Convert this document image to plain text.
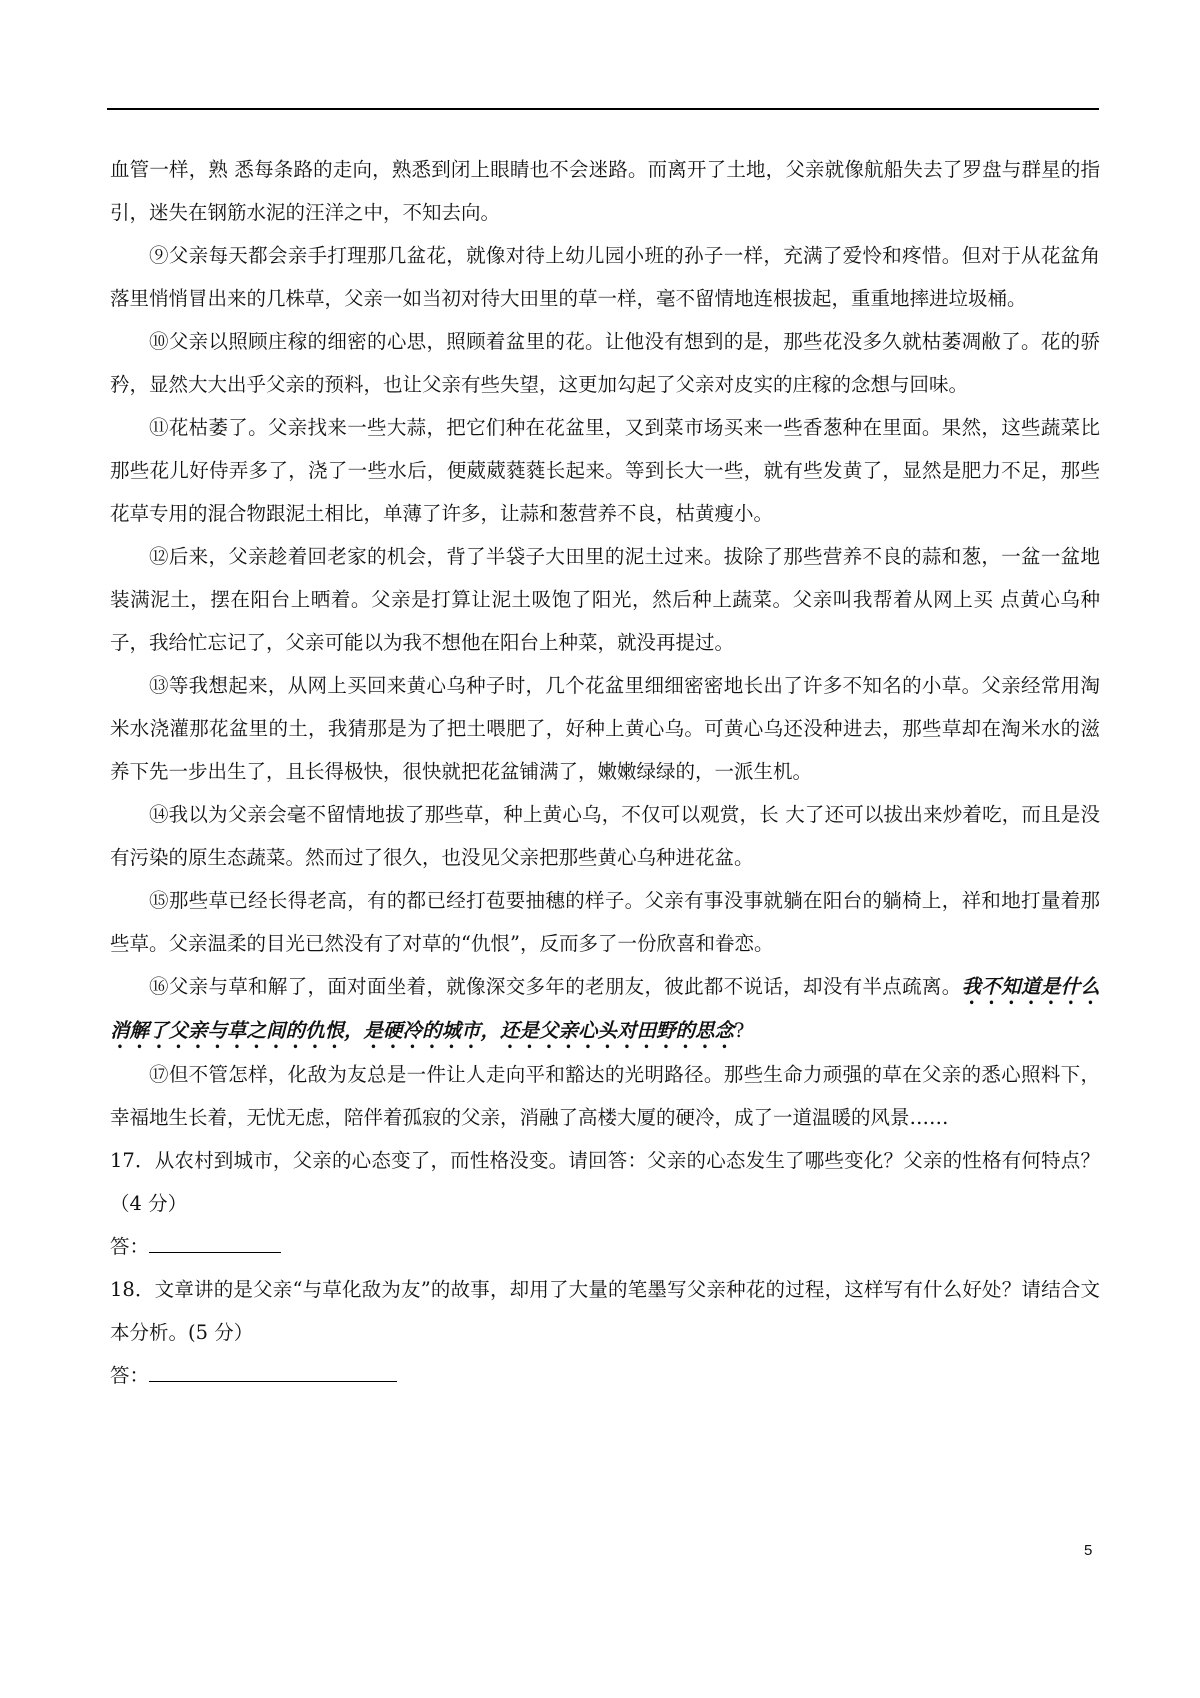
血管一样，熟 悉每条路的走向，熟悉到闭上眼睛也不会迷路。而离开了土地，父亲就像航船失去了罗盘与群星的指引，迷失在钢筋水泥的汪洋之中，不知去向。

⑨父亲每天都会亲手打理那几盆花，就像对待上幼儿园小班的孙子一样，充满了爱怜和疼惜。但对于从花盆角落里悄悄冒出来的几株草，父亲一如当初对待大田里的草一样，毫不留情地连根拔起，重重地摔进垃圾桶。

⑩父亲以照顾庄稼的细密的心思，照顾着盆里的花。让他没有想到的是，那些花没多久就枯萎凋敝了。花的骄矜，显然大大出乎父亲的预料，也让父亲有些失望，这更加勾起了父亲对皮实的庄稼的念想与回味。

⑪花枯萎了。父亲找来一些大蒜，把它们种在花盆里，又到菜市场买来一些香葱种在里面。果然，这些蔬菜比那些花儿好侍弄多了，浇了一些水后，便葳葳蕤蕤长起来。等到长大一些，就有些发黄了，显然是肥力不足，那些花草专用的混合物跟泥土相比，单薄了许多，让蒜和葱营养不良，枯黄瘦小。

⑫后来，父亲趁着回老家的机会，背了半袋子大田里的泥土过来。拔除了那些营养不良的蒜和葱，一盆一盆地装满泥土，摆在阳台上晒着。父亲是打算让泥土吸饱了阳光，然后种上蔬菜。父亲叫我帮着从网上买 点黄心乌种子，我给忙忘记了，父亲可能以为我不想他在阳台上种菜，就没再提过。

⑬等我想起来，从网上买回来黄心乌种子时，几个花盆里细细密密地长出了许多不知名的小草。父亲经常用淘米水浇灌那花盆里的土，我猜那是为了把土喂肥了，好种上黄心乌。可黄心乌还没种进去，那些草却在淘米水的滋养下先一步出生了，且长得极快，很快就把花盆铺满了，嫩嫩绿绿的，一派生机。

⑭我以为父亲会毫不留情地拔了那些草，种上黄心乌，不仅可以观赏，长 大了还可以拔出来炒着吃，而且是没有污染的原生态蔬菜。然而过了很久，也没见父亲把那些黄心乌种进花盆。

⑮那些草已经长得老高，有的都已经打苞要抽穗的样子。父亲有事没事就躺在阳台的躺椅上，祥和地打量着那些草。父亲温柔的目光已然没有了对草的“仇恨”，反而多了一份欣喜和眷恋。

⑯父亲与草和解了，面对面坐着，就像深交多年的老朋友，彼此都不说话，却没有半点疏离。我不知道是什么消解了父亲与草之间的仇恨，是硬冷的城市，还是父亲心头对田野的思念?

⑰但不管怎样，化敌为友总是一件让人走向平和豁达的光明路径。那些生命力顽强的草在父亲的悉心照料下，幸福地生长着，无忧无虑，陪伴着孤寂的父亲，消融了高楼大厦的硬冷，成了一道温暖的风景……

17．从农村到城市，父亲的心态变了，而性格没变。请回答：父亲的心态发生了哪些变化？父亲的性格有何特点？（4 分）

答：

18．文章讲的是父亲“与草化敌为友”的故事，却用了大量的笔墨写父亲种花的过程，这样写有什么好处？请结合文本分析。(5 分）

答：

5
